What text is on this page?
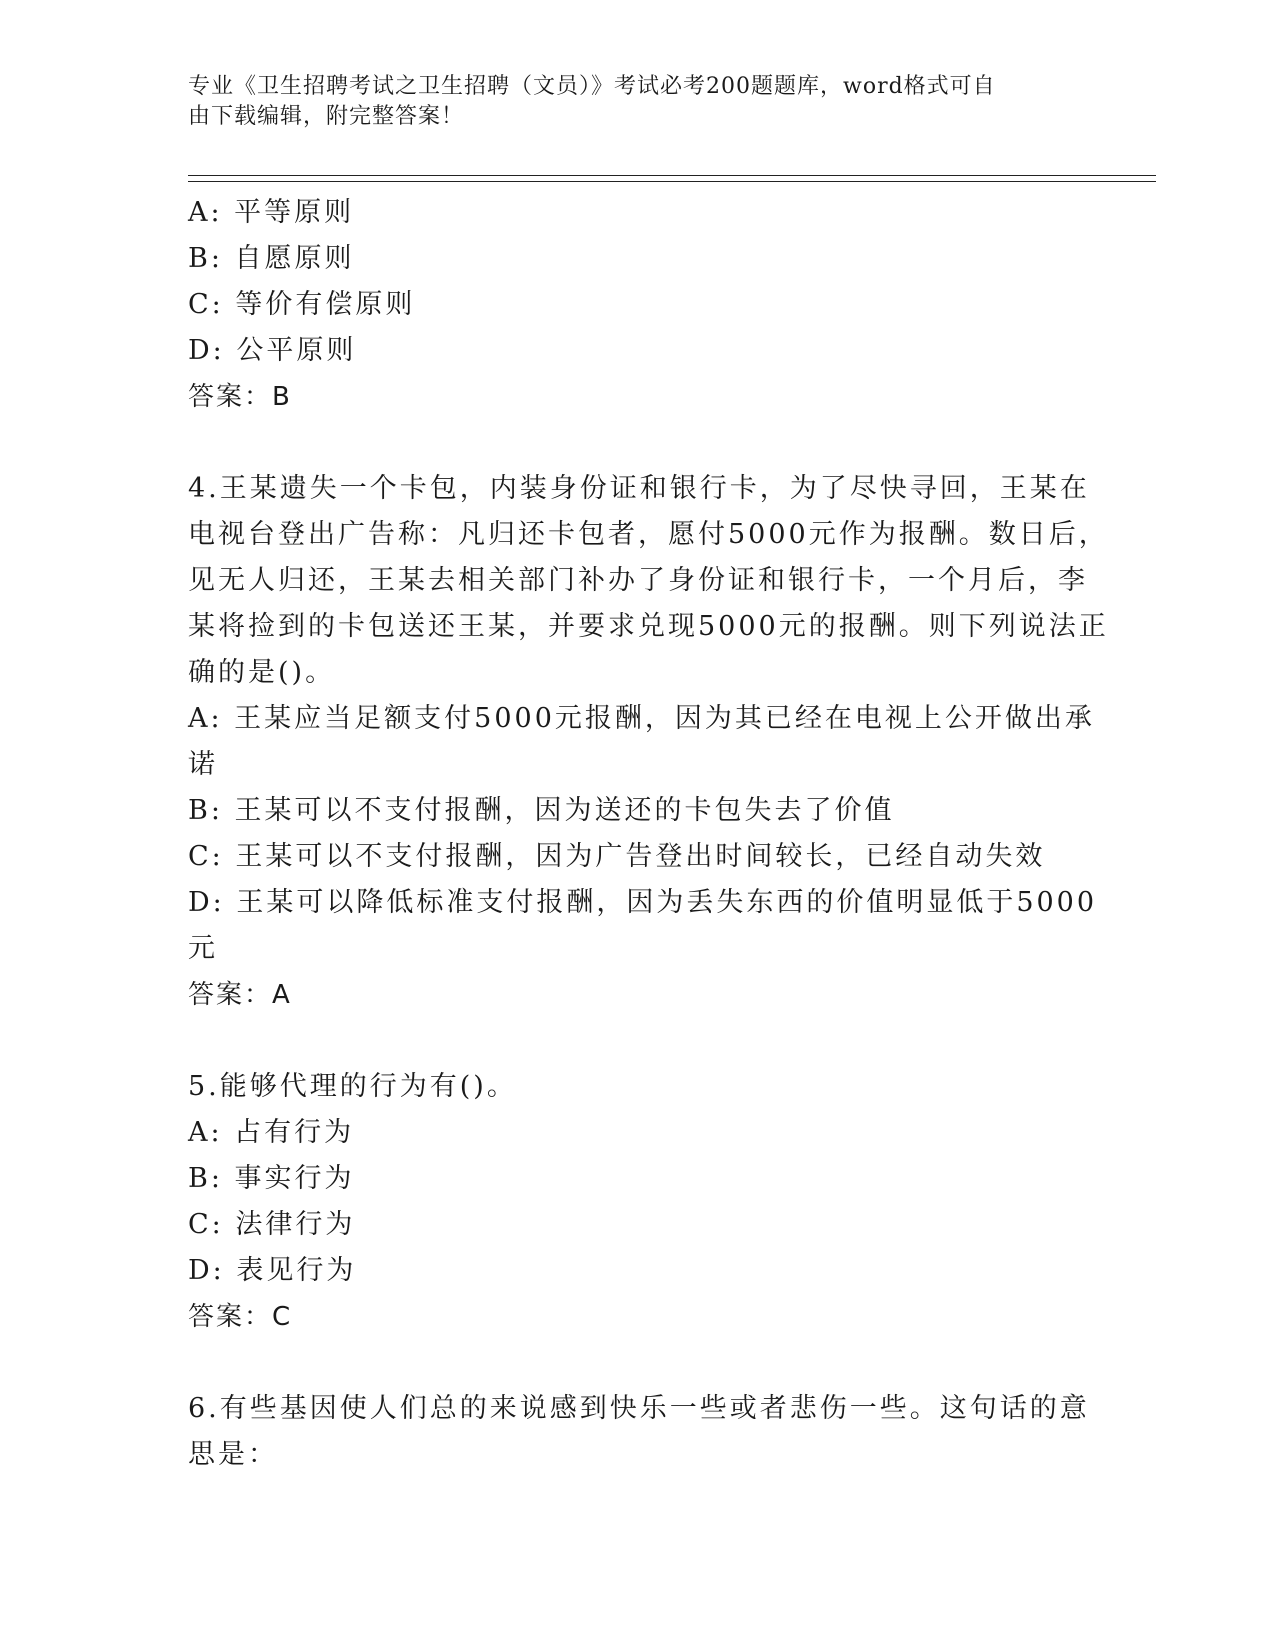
专业《卫生招聘考试之卫生招聘（文员）》考试必考200题题库，word格式可自
由下载编辑，附完整答案！
A: 平等原则
B: 自愿原则
C: 等价有偿原则
D: 公平原则
答案：B
4.王某遗失一个卡包，内装身份证和银行卡，为了尽快寻回，王某在
电视台登出广告称：凡归还卡包者，愿付5000元作为报酬。数日后，
见无人归还，王某去相关部门补办了身份证和银行卡，一个月后，李
某将捡到的卡包送还王某，并要求兑现5000元的报酬。则下列说法正
确的是()。
A: 王某应当足额支付5000元报酬，因为其已经在电视上公开做出承
诺
B: 王某可以不支付报酬，因为送还的卡包失去了价值
C: 王某可以不支付报酬，因为广告登出时间较长，已经自动失效
D: 王某可以降低标准支付报酬，因为丢失东西的价值明显低于5000
元
答案：A
5.能够代理的行为有()。
A: 占有行为
B: 事实行为
C: 法律行为
D: 表见行为
答案：C
6.有些基因使人们总的来说感到快乐一些或者悲伤一些。这句话的意
思是：
